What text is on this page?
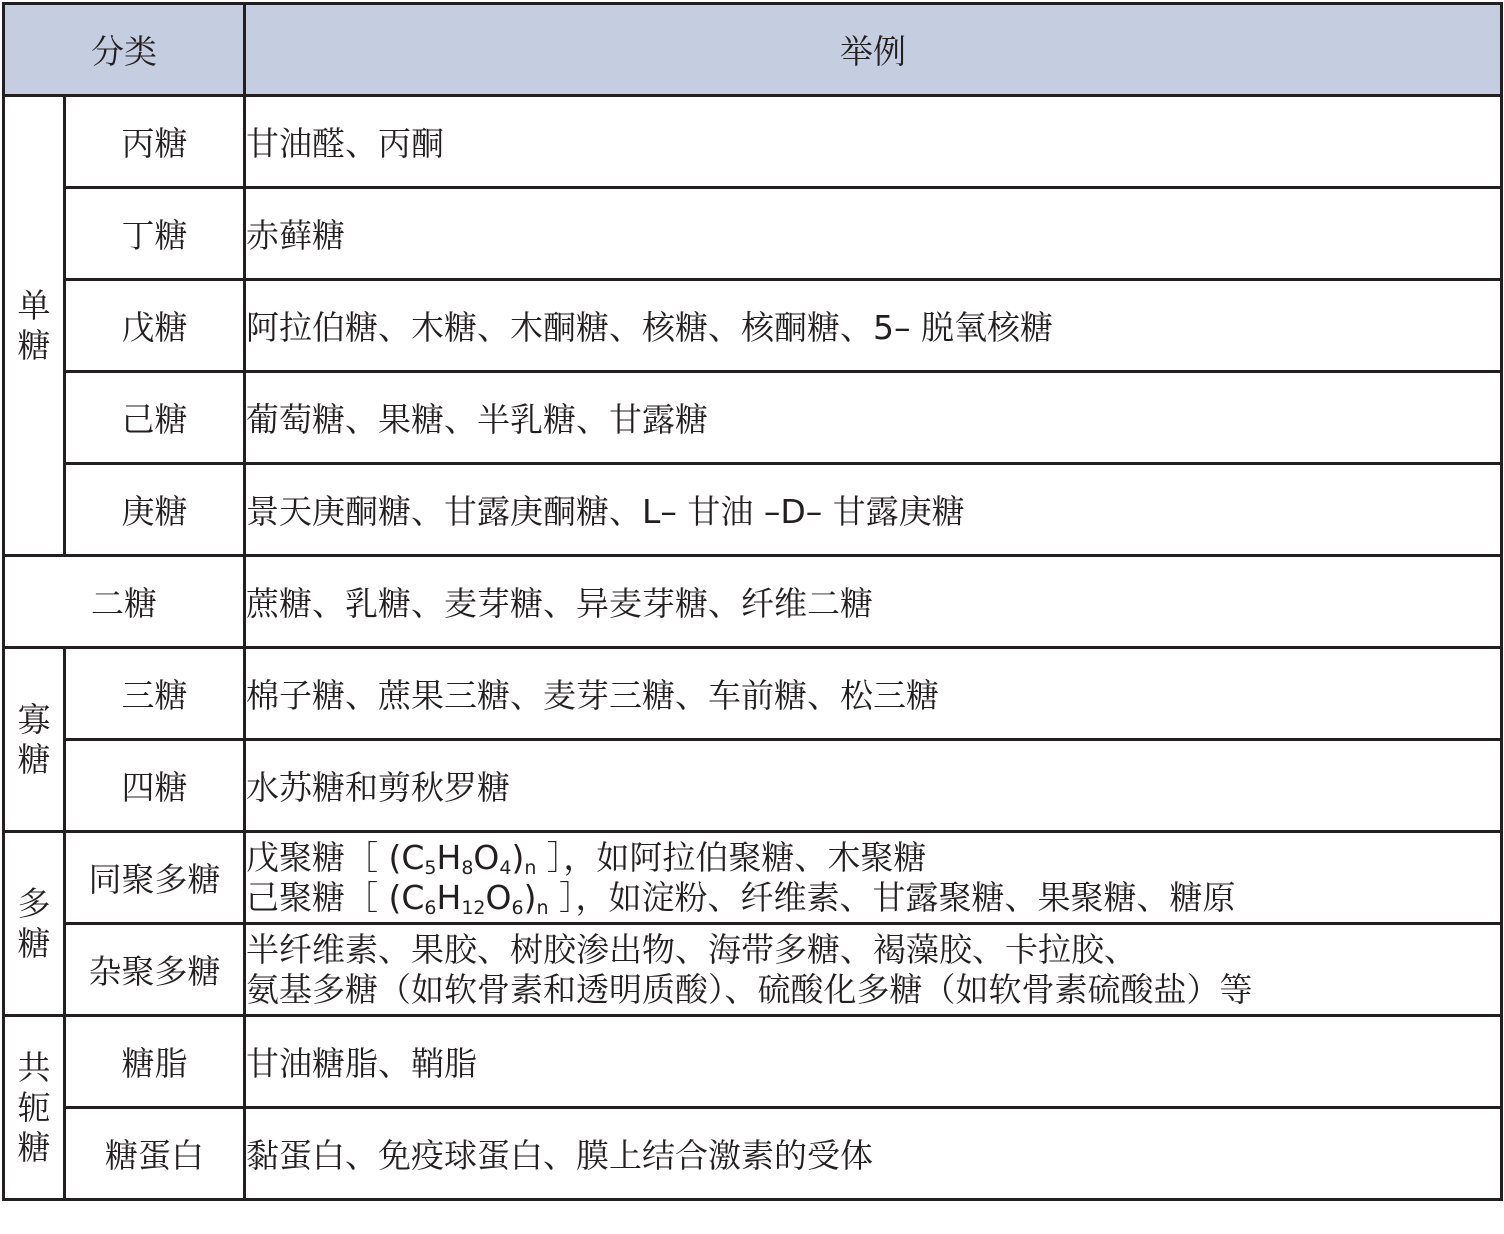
分类		举例
单糖	丙糖	甘油醛、丙酮
	丁糖	赤藓糖
	戊糖	阿拉伯糖、木糖、木酮糖、核糖、核酮糖、5– 脱氧核糖
	己糖	葡萄糖、果糖、半乳糖、甘露糖
	庚糖	景天庚酮糖、甘露庚酮糖、L– 甘油 –D– 甘露庚糖
二糖		蔗糖、乳糖、麦芽糖、异麦芽糖、纤维二糖
寡糖	三糖	棉子糖、蔗果三糖、麦芽三糖、车前糖、松三糖
	四糖	水苏糖和剪秋罗糖
多糖	同聚多糖	戊聚糖［ $(C_5H_8O_4)_n$ ］，如阿拉伯聚糖、木聚糖
己聚糖［ $(C_6H_{12}O_6)_n$ ］，如淀粉、纤维素、甘露聚糖、果聚糖、糖原

	杂聚多糖	半纤维素、果胶、树胶渗出物、海带多糖、褐藻胶、卡拉胶、
氨基多糖（如软骨素和透明质酸）、硫酸化多糖（如软骨素硫酸盐）等

共轭糖	糖脂	甘油糖脂、鞘脂
	糖蛋白	黏蛋白、免疫球蛋白、膜上结合激素的受体
